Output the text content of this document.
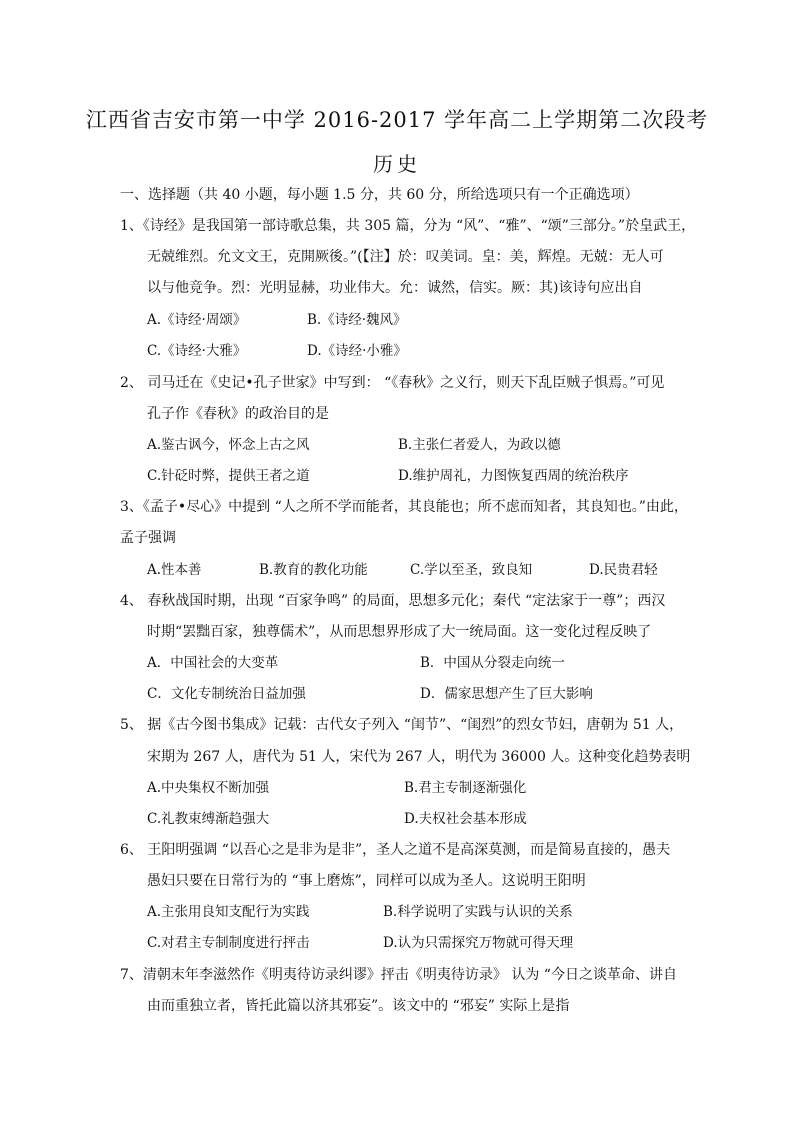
江西省吉安市第一中学 2016-2017 学年高二上学期第二次段考
历史
一、选择题（共 40 小题，每小题 1.5 分，共 60 分，所给选项只有一个正确选项）
1、《诗经》是我国第一部诗歌总集，共 305 篇，分为 “风”、“雅”、“颂”三部分。”於皇武王，
无兢维烈。允文文王，克開厥後。”(【注】於：叹美词。皇：美，辉煌。无兢：无人可
以与他竞争。烈：光明显赫，功业伟大。允：诚然，信实。厥：其)该诗句应出自
A.《诗经·周颂》	B.《诗经·魏风》
C.《诗经·大雅》	D.《诗经·小雅》
2、 司马迁在《史记•孔子世家》中写到： “《春秋》之义行，则天下乱臣贼子惧焉。”可见
孔子作《春秋》的政治目的是
A.鉴古讽今，怀念上古之风	B.主张仁者爱人，为政以德
C.针砭时弊，提供王者之道	D.维护周礼，力图恢复西周的统治秩序
3、《孟子•尽心》中提到 “人之所不学而能者，其良能也；所不虑而知者，其良知也。”由此，
孟子强调
A.性本善	B.教育的教化功能	C.学以至圣，致良知	D.民贵君轻
4、 春秋战国时期，出现 “百家争鸣” 的局面，思想多元化；秦代 “定法家于一尊”；西汉
时期“罢黜百家，独尊儒术”，从而思想界形成了大一统局面。这一变化过程反映了
A．中国社会的大变革	B．中国从分裂走向统一
C．文化专制统治日益加强	D．儒家思想产生了巨大影响
5、 据《古今图书集成》记载：古代女子列入 “闺节”、“闺烈”的烈女节妇，唐朝为 51 人，
宋期为 267 人，唐代为 51 人，宋代为 267 人，明代为 36000 人。这种变化趋势表明
A.中央集权不断加强	B.君主专制逐渐强化
C.礼教束缚渐趋强大	D.夫权社会基本形成
6、 王阳明强调 “以吾心之是非为是非”，圣人之道不是高深莫测，而是简易直接的，愚夫
愚妇只要在日常行为的 “事上磨炼”，同样可以成为圣人。这说明王阳明
A.主张用良知支配行为实践	B.科学说明了实践与认识的关系
C.对君主专制制度进行抨击	D.认为只需探究万物就可得天理
7、清朝末年李滋然作《明夷待访录纠谬》抨击《明夷待访录》 认为 “今日之谈革命、讲自
由而重独立者，皆托此篇以济其邪妄”。该文中的 “邪妄” 实际上是指
